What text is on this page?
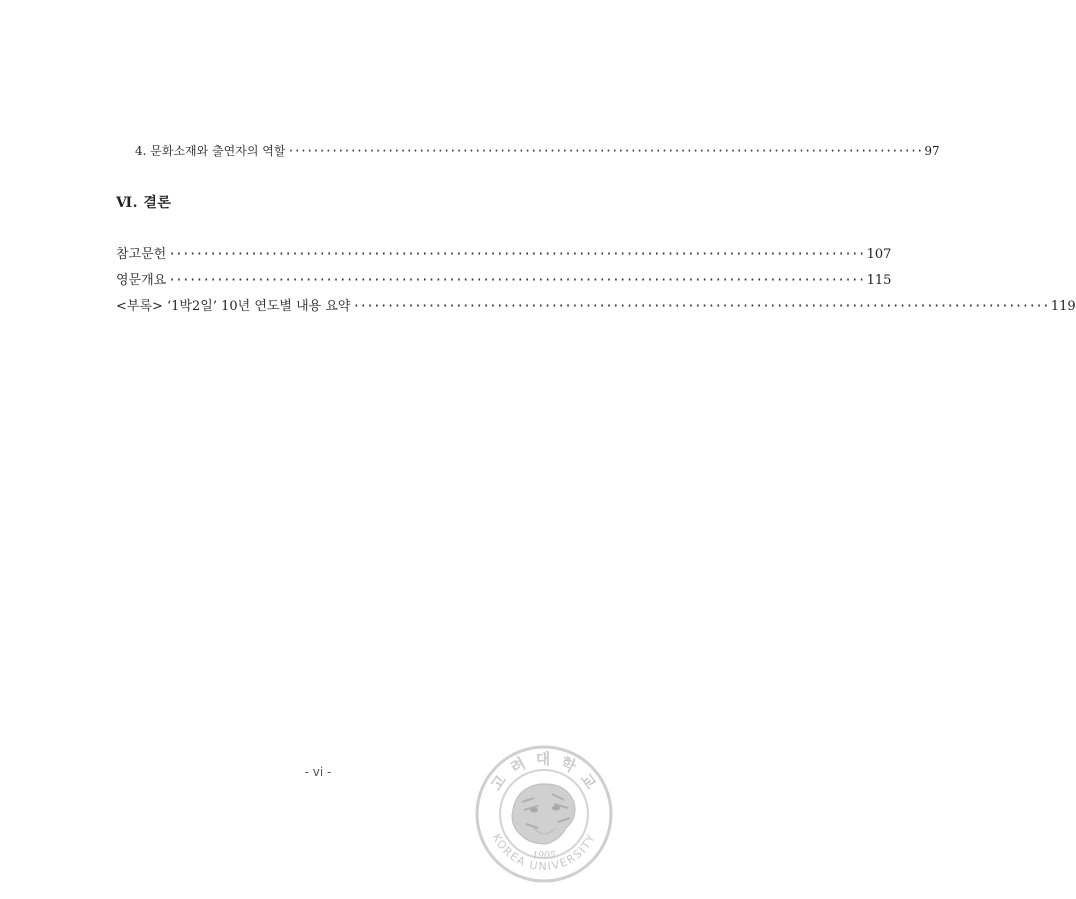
4. 문화소재와 출연자의 역할 ······································································································ 97
Ⅵ. 결론
참고문헌 ······································································································ 107
영문개요 ······································································································ 115
<부록> ‘1박2일’ 10년 연도별 내용 요약 ······································································································ 119
- vi -	고 려 대 학 교
KOREA UNIVERSITY
1905
